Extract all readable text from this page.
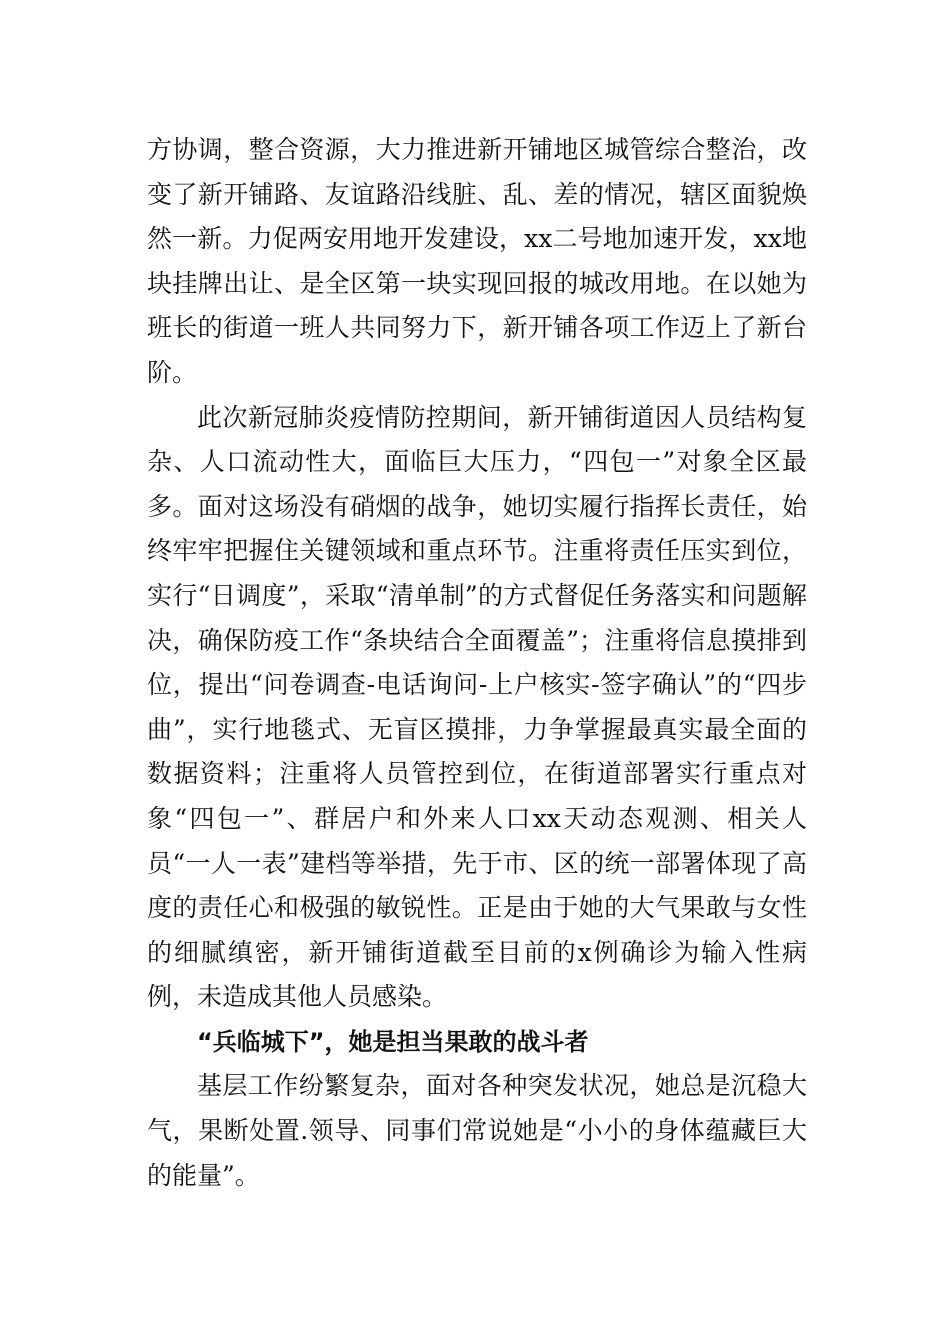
方协调，整合资源，大力推进新开铺地区城管综合整治，改变了新开铺路、友谊路沿线脏、乱、差的情况，辖区面貌焕然一新。力促两安用地开发建设，xx二号地加速开发，xx地块挂牌出让、是全区第一块实现回报的城改用地。在以她为班长的街道一班人共同努力下，新开铺各项工作迈上了新台阶。

此次新冠肺炎疫情防控期间，新开铺街道因人员结构复杂、人口流动性大，面临巨大压力，“四包一”对象全区最多。面对这场没有硝烟的战争，她切实履行指挥长责任，始终牢牢把握住关键领域和重点环节。注重将责任压实到位，实行“日调度”，采取“清单制”的方式督促任务落实和问题解决，确保防疫工作“条块结合全面覆盖”；注重将信息摸排到位，提出“问卷调查-电话询问-上户核实-签字确认”的“四步曲”，实行地毯式、无盲区摸排，力争掌握最真实最全面的数据资料；注重将人员管控到位，在街道部署实行重点对象“四包一”、群居户和外来人口xx天动态观测、相关人员“一人一表”建档等举措，先于市、区的统一部署体现了高度的责任心和极强的敏锐性。正是由于她的大气果敢与女性的细腻缜密，新开铺街道截至目前的x例确诊为输入性病例，未造成其他人员感染。

“兵临城下”，她是担当果敢的战斗者

基层工作纷繁复杂，面对各种突发状况，她总是沉稳大气，果断处置.领导、同事们常说她是“小小的身体蕴藏巨大的能量”。
